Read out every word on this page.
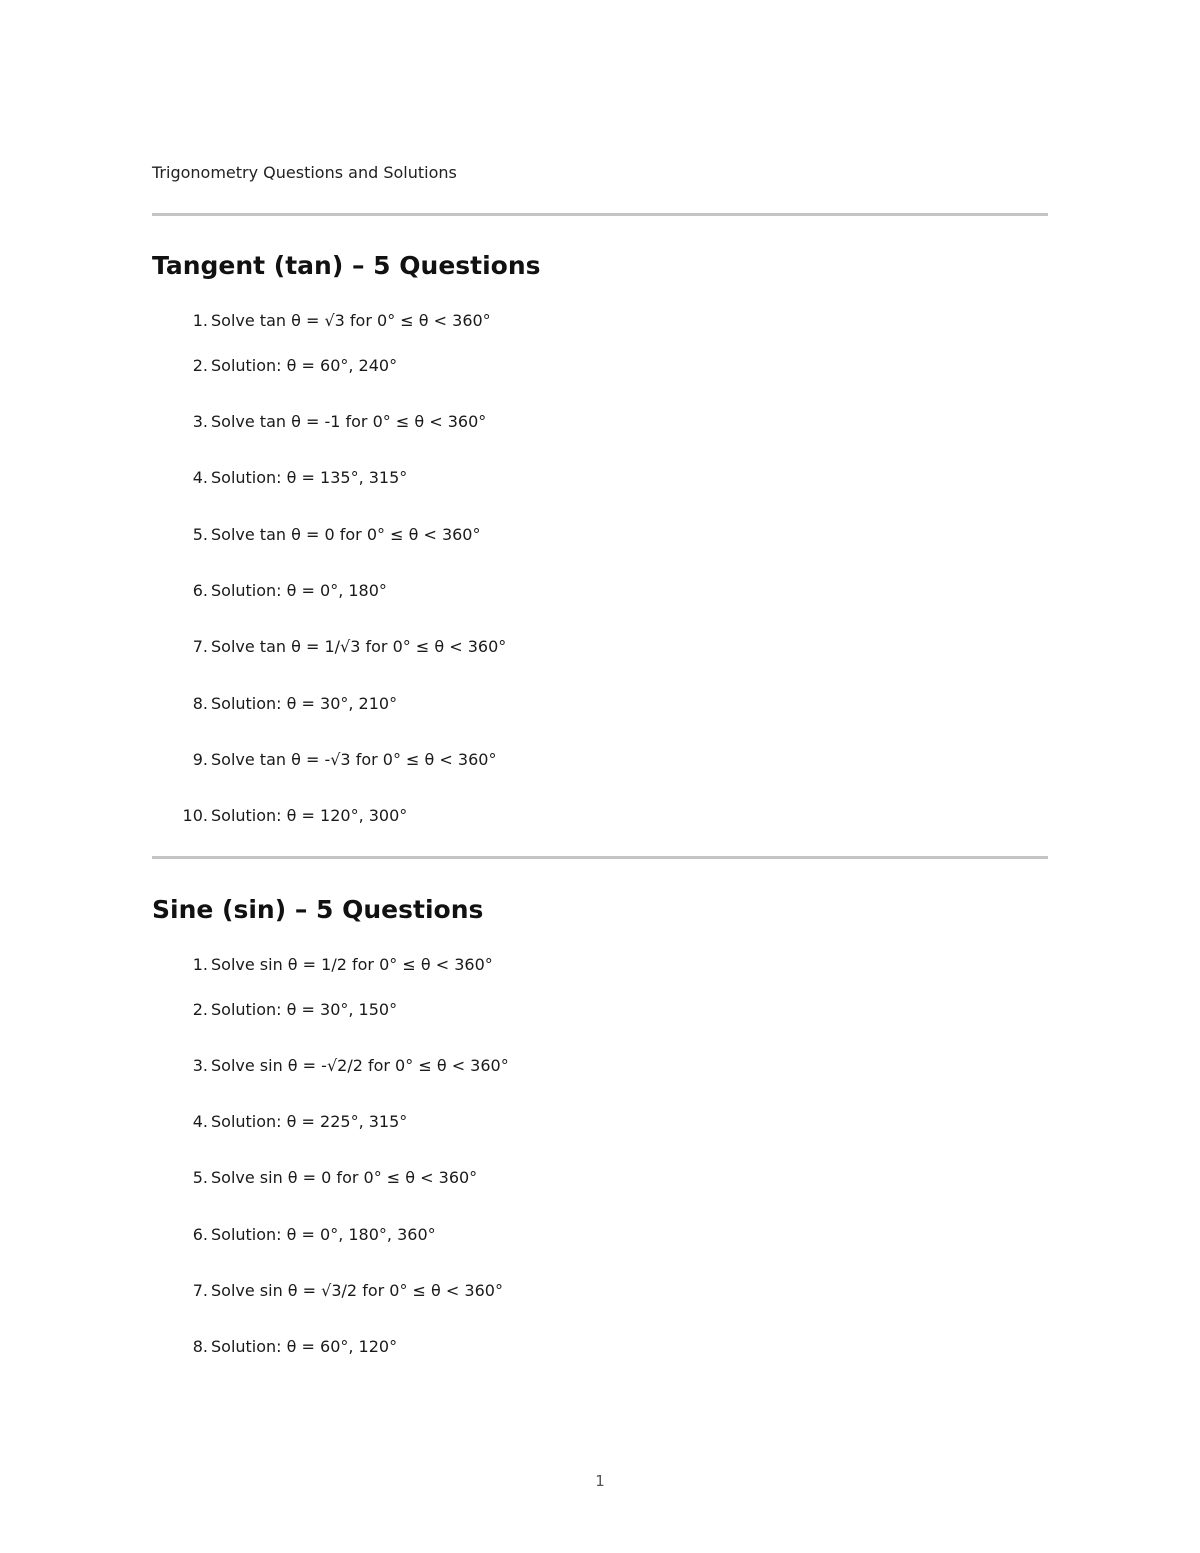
Trigonometry Questions and Solutions
Tangent (tan) – 5 Questions
1. Solve tan θ = √3 for 0° ≤ θ < 360°
2. Solution: θ = 60°, 240°
3. Solve tan θ = -1 for 0° ≤ θ < 360°
4. Solution: θ = 135°, 315°
5. Solve tan θ = 0 for 0° ≤ θ < 360°
6. Solution: θ = 0°, 180°
7. Solve tan θ = 1/√3 for 0° ≤ θ < 360°
8. Solution: θ = 30°, 210°
9. Solve tan θ = -√3 for 0° ≤ θ < 360°
10. Solution: θ = 120°, 300°
Sine (sin) – 5 Questions
1. Solve sin θ = 1/2 for 0° ≤ θ < 360°
2. Solution: θ = 30°, 150°
3. Solve sin θ = -√2/2 for 0° ≤ θ < 360°
4. Solution: θ = 225°, 315°
5. Solve sin θ = 0 for 0° ≤ θ < 360°
6. Solution: θ = 0°, 180°, 360°
7. Solve sin θ = √3/2 for 0° ≤ θ < 360°
8. Solution: θ = 60°, 120°
1
